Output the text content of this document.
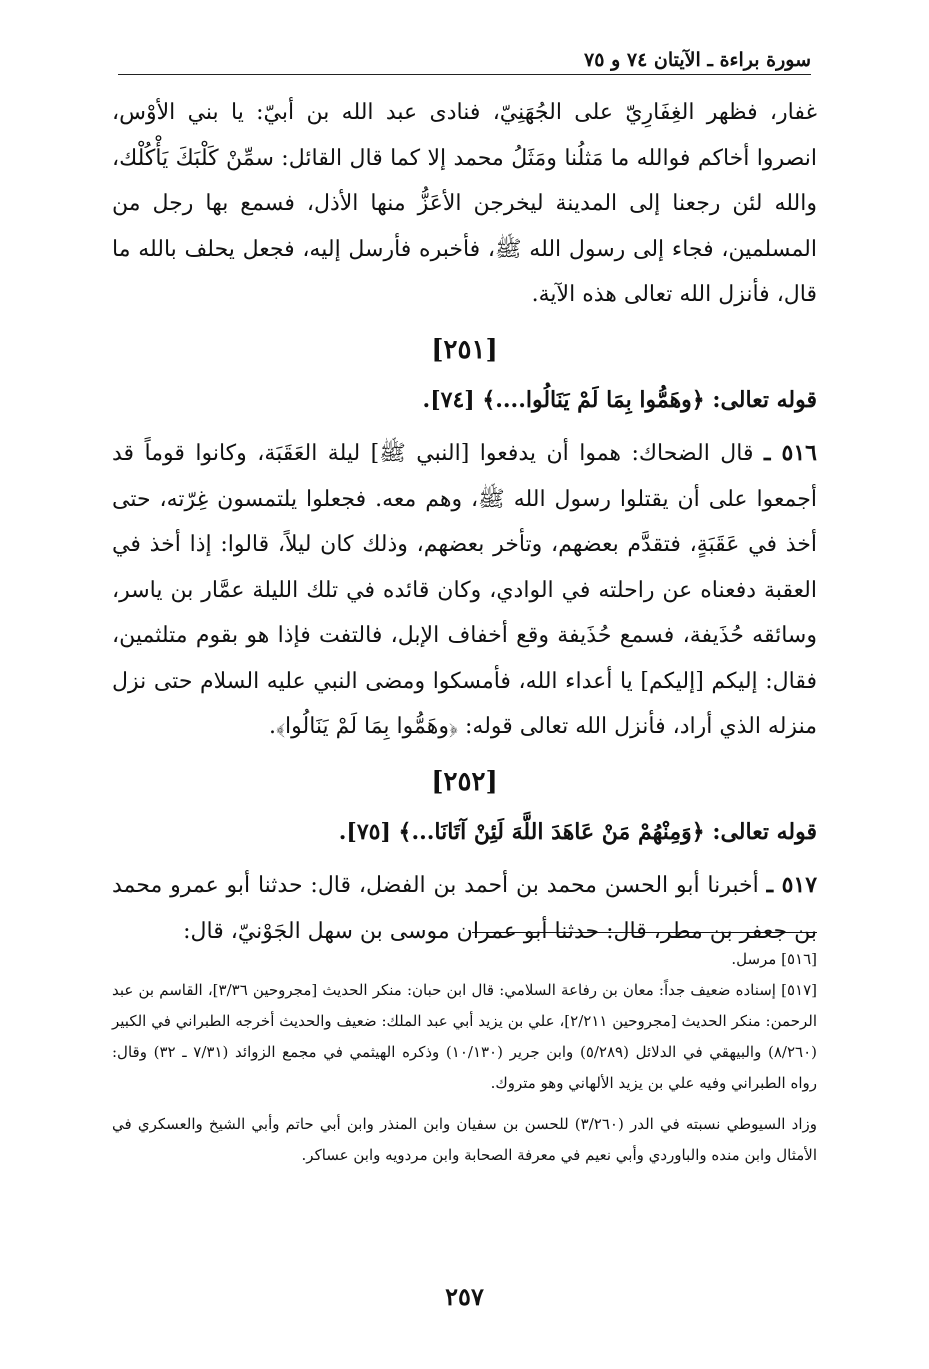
سورة براءة ـ الآيتان ٧٤ و ٧٥

غفار، فظهر الغِفَارِيّ على الجُهَنِيّ، فنادى عبد الله بن أبيّ: يا بني الأوْس، انصروا أخاكم فوالله ما مَثلُنا ومَثَلُ محمد إلا كما قال القائل: سمِّنْ كَلْبَكَ يَأْكُلْك، والله لئن رجعنا إلى المدينة ليخرجن الأعَزُّ منها الأذل، فسمع بها رجل من المسلمين، فجاء إلى رسول الله ﷺ، فأخبره فأرسل إليه، فجعل يحلف بالله ما قال، فأنزل الله تعالى هذه الآية.

[٢٥١]

قوله تعالى: ﴿وهَمُّوا بِمَا لَمْ يَنَالُوا....﴾ [٧٤].

٥١٦ ـ قال الضحاك: هموا أن يدفعوا [النبي ﷺ] ليلة العَقَبَة، وكانوا قوماً قد أجمعوا على أن يقتلوا رسول الله ﷺ، وهم معه. فجعلوا يلتمسون غِرّته، حتى أخذ في عَقَبَةٍ، فتقدَّم بعضهم، وتأخر بعضهم، وذلك كان ليلاً، قالوا: إذا أخذ في العقبة دفعناه عن راحلته في الوادي، وكان قائده في تلك الليلة عمَّار بن ياسر، وسائقه حُذَيفة، فسمع حُذَيفة وقع أخفاف الإبل، فالتفت فإذا هو بقوم متلثمين، فقال: إليكم [إليكم] يا أعداء الله، فأمسكوا ومضى النبي عليه السلام حتى نزل منزله الذي أراد، فأنزل الله تعالى قوله: ﴿وهَمُّوا بِمَا لَمْ يَنَالُوا﴾.

[٢٥٢]

قوله تعالى: ﴿وَمِنْهُمْ مَنْ عَاهَدَ اللَّهَ لَئِنْ آتَانَا...﴾ [٧٥].

٥١٧ ـ أخبرنا أبو الحسن محمد بن أحمد بن الفضل، قال: حدثنا أبو عمرو محمد بن جعفر بن مطر، قال: حدثنا أبو عمران موسى بن سهل الجَوْنيّ، قال:

[٥١٦] مرسل.

[٥١٧] إسناده ضعيف جداً: معان بن رفاعة السلامي: قال ابن حبان: منكر الحديث [مجروحين ٣/٣٦]، القاسم بن عبد الرحمن: منكر الحديث [مجروحين ٢/٢١١]، علي بن يزيد أبي عبد الملك: ضعيف والحديث أخرجه الطبراني في الكبير (٨/٢٦٠) والبيهقي في الدلائل (٥/٢٨٩) وابن جرير (١٠/١٣٠) وذكره الهيثمي في مجمع الزوائد (٧/٣١ ـ ٣٢) وقال: رواه الطبراني وفيه علي بن يزيد الألهاني وهو متروك.

وزاد السيوطي نسبته في الدر (٣/٢٦٠) للحسن بن سفيان وابن المنذر وابن أبي حاتم وأبي الشيخ والعسكري في الأمثال وابن منده والباوردي وأبي نعيم في معرفة الصحابة وابن مردويه وابن عساكر.

٢٥٧
